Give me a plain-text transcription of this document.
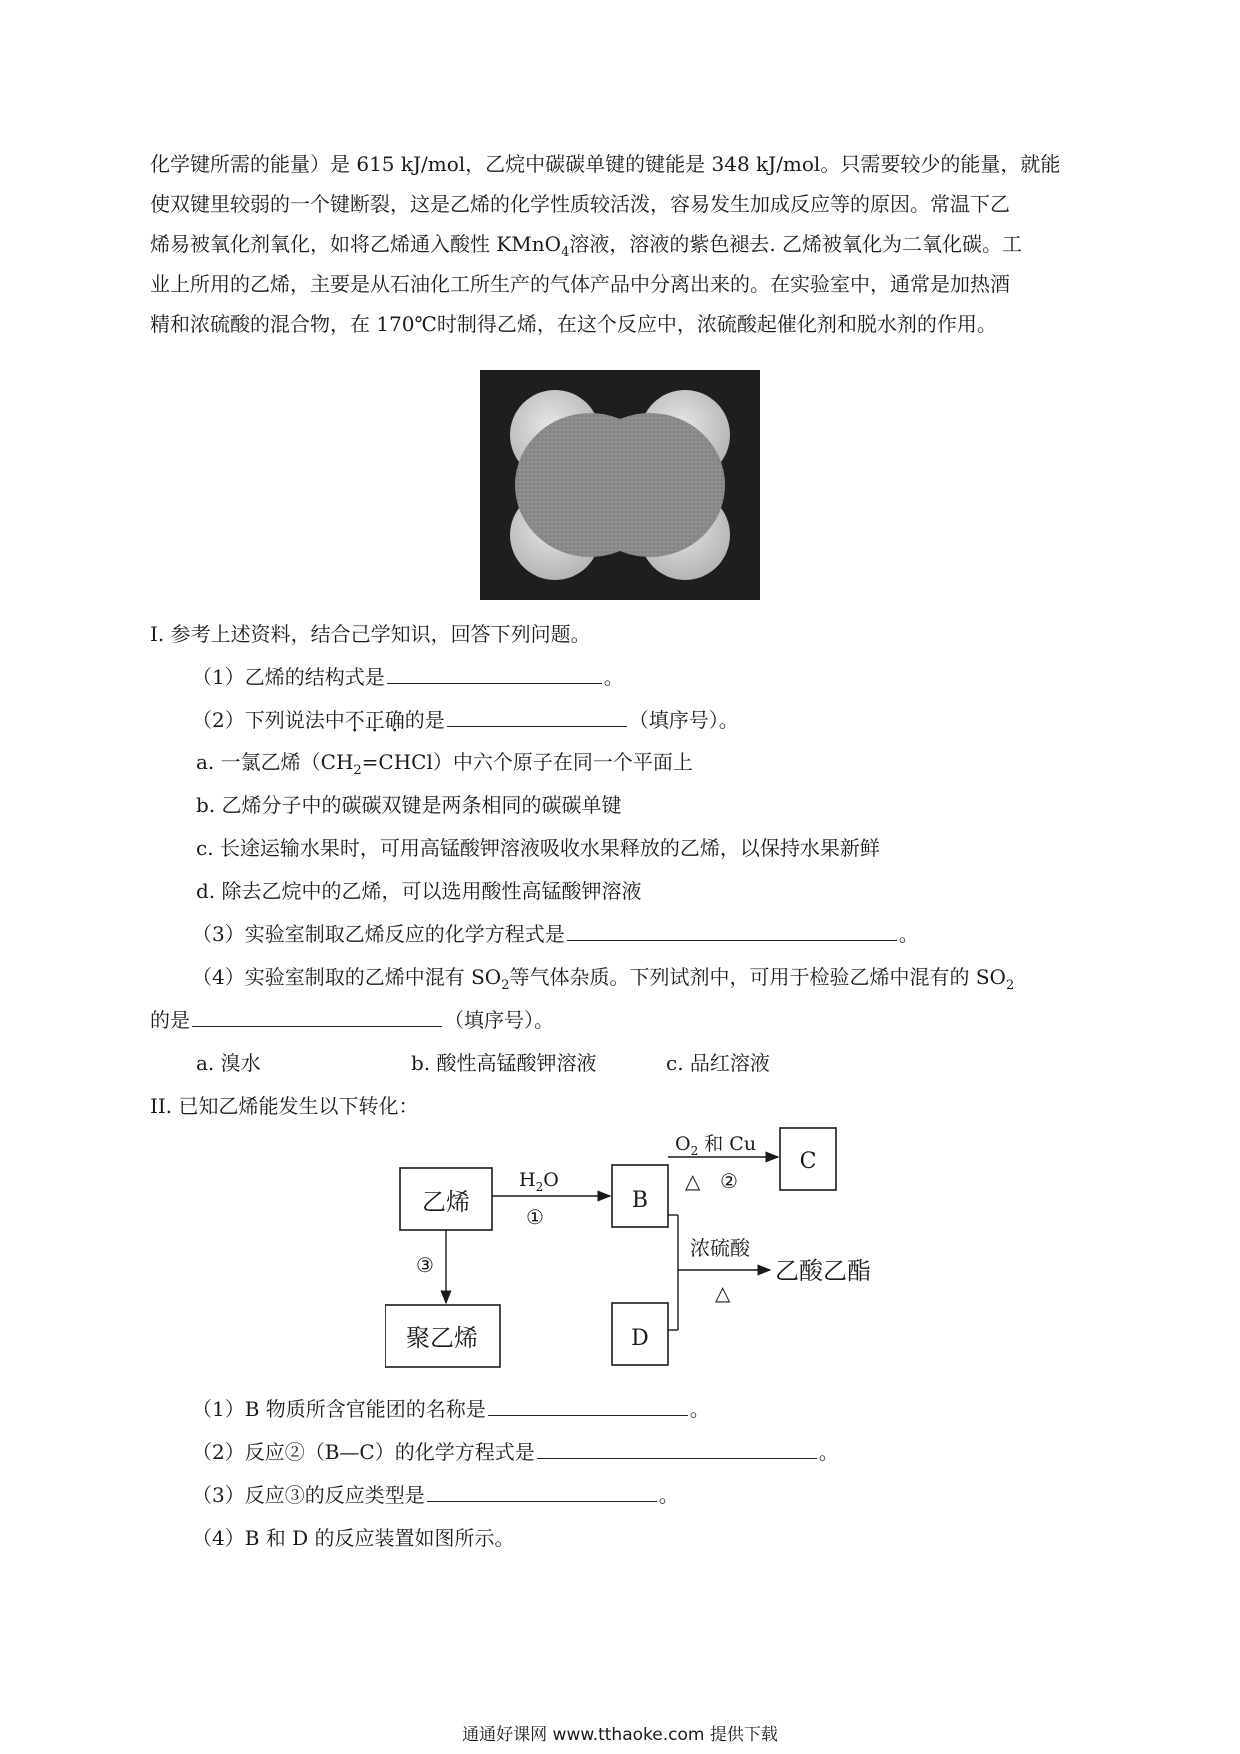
化学键所需的能量）是 615 kJ/mol，乙烷中碳碳单键的键能是 348 kJ/mol。只需要较少的能量，就能
使双键里较弱的一个键断裂，这是乙烯的化学性质较活泼，容易发生加成反应等的原因。常温下乙
烯易被氧化剂氧化，如将乙烯通入酸性 KMnO$_4$溶液，溶液的紫色褪去. 乙烯被氧化为二氧化碳。工
业上所用的乙烯，主要是从石油化工所生产的气体产品中分离出来的。在实验室中，通常是加热酒
精和浓硫酸的混合物，在 170℃时制得乙烯，在这个反应中，浓硫酸起催化剂和脱水剂的作用。
I. 参考上述资料，结合己学知识，回答下列问题。
（1）乙烯的结构式是	。
（2）下列说法中不正确的是	（填序号）。
a. 一氯乙烯$(CH_2=CHCl)$中六个原子在同一个平面上
b. 乙烯分子中的碳碳双键是两条相同的碳碳单键
c. 长途运输水果时，可用高锰酸钾溶液吸收水果释放的乙烯，以保持水果新鲜
d. 除去乙烷中的乙烯，可以选用酸性高锰酸钾溶液
（3）实验室制取乙烯反应的化学方程式是	。
（4）实验室制取的乙烯中混有 $SO_2$等气体杂质。下列试剂中，可用于检验乙烯中混有的 $SO_2$
的是	（填序号）。
a. 溴水	b. 酸性高锰酸钾溶液	c. 品红溶液
II. 已知乙烯能发生以下转化：
乙烯	B
C
D
聚乙烯
$H_2O$
①
$O_2$ 和 Cu
△ ②
③
浓硫酸
△
乙酸乙酯
（1）B 物质所含官能团的名称是	。
（2）反应②（B—C）的化学方程式是	。
（3）反应③的反应类型是	。
（4）B 和 D 的反应装置如图所示。
通通好课网 www.tthaoke.com 提供下载
